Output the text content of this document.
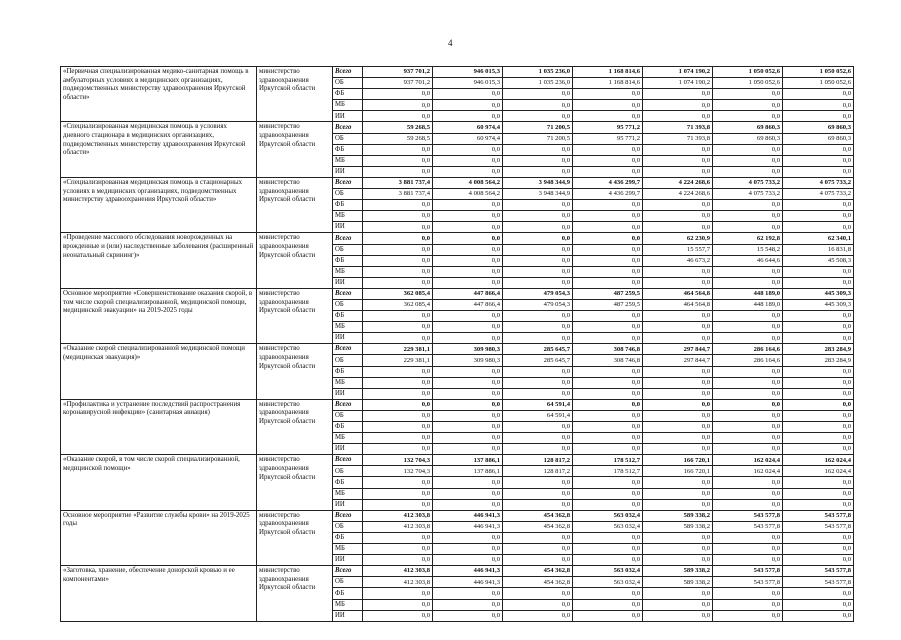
4
«Первичная специализированная медико-санитарная помощь в амбулаторных условиях в медицинских организациях, подведомственных министерству здравоохранения Иркутской области»	министерство здравоохранения Иркутской области	Всего	937 701,2	946 015,3	1 035 236,0	1 168 814,6	1 074 190,2	1 050 052,6	1 050 052,6
		ОБ	937 701,2	946 015,3	1 035 236,0	1 168 814,6	1 074 190,2	1 050 052,6	1 050 052,6
		ФБ	0,0	0,0	0,0	0,0	0,0	0,0	0,0
		МБ	0,0	0,0	0,0	0,0	0,0	0,0	0,0
		ИИ	0,0	0,0	0,0	0,0	0,0	0,0	0,0
«Специализированная медицинская помощь в условиях дневного стационара в медицинских организациях, подведомственных министерству здравоохранения Иркутской области»	министерство здравоохранения Иркутской области	Всего	59 268,5	60 974,4	71 200,5	95 771,2	71 393,8	69 860,3	69 860,3
		ОБ	59 268,5	60 974,4	71 200,5	95 771,2	71 393,8	69 860,3	69 860,3
		ФБ	0,0	0,0	0,0	0,0	0,0	0,0	0,0
		МБ	0,0	0,0	0,0	0,0	0,0	0,0	0,0
		ИИ	0,0	0,0	0,0	0,0	0,0	0,0	0,0
«Специализированная медицинская помощь в стационарных условиях в медицинских организациях, подведомственных министерству здравоохранения Иркутской области»	министерство здравоохранения Иркутской области	Всего	3 881 737,4	4 008 564,2	3 948 344,9	4 436 299,7	4 224 268,6	4 075 733,2	4 075 733,2
		ОБ	3 881 737,4	4 008 564,2	3 948 344,9	4 436 299,7	4 224 268,6	4 075 733,2	4 075 733,2
		ФБ	0,0	0,0	0,0	0,0	0,0	0,0	0,0
		МБ	0,0	0,0	0,0	0,0	0,0	0,0	0,0
		ИИ	0,0	0,0	0,0	0,0	0,0	0,0	0,0
«Проведение массового обследования новорожденных на врожденные и (или) наследственные заболевания (расширенный неонатальный скрининг)»	министерство здравоохранения Иркутской области	Всего	0,0	0,0	0,0	0,0	62 230,9	62 192,8	62 340,1
		ОБ	0,0	0,0	0,0	0,0	15 557,7	15 548,2	16 831,8
		ФБ	0,0	0,0	0,0	0,0	46 673,2	46 644,6	45 508,3
		МБ	0,0	0,0	0,0	0,0	0,0	0,0	0,0
		ИИ	0,0	0,0	0,0	0,0	0,0	0,0	0,0
Основное мероприятие «Совершенствование оказания скорой, в том числе скорой специализированной, медицинской помощи, медицинской эвакуации» на 2019-2025 годы	министерство здравоохранения Иркутской области	Всего	362 085,4	447 866,4	479 054,3	487 259,5	464 564,8	448 189,0	445 309,3
		ОБ	362 085,4	447 866,4	479 054,3	487 259,5	464 564,8	448 189,0	445 309,3
		ФБ	0,0	0,0	0,0	0,0	0,0	0,0	0,0
		МБ	0,0	0,0	0,0	0,0	0,0	0,0	0,0
		ИИ	0,0	0,0	0,0	0,0	0,0	0,0	0,0
«Оказание скорой специализированной медицинской помощи (медицинская эвакуация)»	министерство здравоохранения Иркутской области	Всего	229 381,1	309 980,3	285 645,7	308 746,8	297 844,7	286 164,6	283 284,9
		ОБ	229 381,1	309 980,3	285 645,7	308 746,8	297 844,7	286 164,6	283 284,9
		ФБ	0,0	0,0	0,0	0,0	0,0	0,0	0,0
		МБ	0,0	0,0	0,0	0,0	0,0	0,0	0,0
		ИИ	0,0	0,0	0,0	0,0	0,0	0,0	0,0
«Профилактика и устранение последствий распространения коронавирусной инфекции» (санитарная авиация)	министерство здравоохранения Иркутской области	Всего	0,0	0,0	64 591,4	0,0	0,0	0,0	0,0
		ОБ	0,0	0,0	64 591,4	0,0	0,0	0,0	0,0
		ФБ	0,0	0,0	0,0	0,0	0,0	0,0	0,0
		МБ	0,0	0,0	0,0	0,0	0,0	0,0	0,0
		ИИ	0,0	0,0	0,0	0,0	0,0	0,0	0,0
«Оказание скорой, в том числе скорой специализированной, медицинской помощи»	министерство здравоохранения Иркутской области	Всего	132 704,3	137 886,1	128 817,2	178 512,7	166 720,1	162 024,4	162 024,4
		ОБ	132 704,3	137 886,1	128 817,2	178 512,7	166 720,1	162 024,4	162 024,4
		ФБ	0,0	0,0	0,0	0,0	0,0	0,0	0,0
		МБ	0,0	0,0	0,0	0,0	0,0	0,0	0,0
		ИИ	0,0	0,0	0,0	0,0	0,0	0,0	0,0
Основное мероприятие «Развитие службы крови» на 2019-2025 годы	министерство здравоохранения Иркутской области	Всего	412 303,8	446 941,3	454 362,8	563 032,4	589 338,2	543 577,8	543 577,8
		ОБ	412 303,8	446 941,3	454 362,8	563 032,4	589 338,2	543 577,8	543 577,8
		ФБ	0,0	0,0	0,0	0,0	0,0	0,0	0,0
		МБ	0,0	0,0	0,0	0,0	0,0	0,0	0,0
		ИИ	0,0	0,0	0,0	0,0	0,0	0,0	0,0
«Заготовка, хранение, обеспечение донорской кровью и ее компонентами»	министерство здравоохранения Иркутской области	Всего	412 303,8	446 941,3	454 362,8	563 032,4	589 338,2	543 577,8	543 577,8
		ОБ	412 303,8	446 941,3	454 362,8	563 032,4	589 338,2	543 577,8	543 577,8
		ФБ	0,0	0,0	0,0	0,0	0,0	0,0	0,0
		МБ	0,0	0,0	0,0	0,0	0,0	0,0	0,0
		ИИ	0,0	0,0	0,0	0,0	0,0	0,0	0,0
